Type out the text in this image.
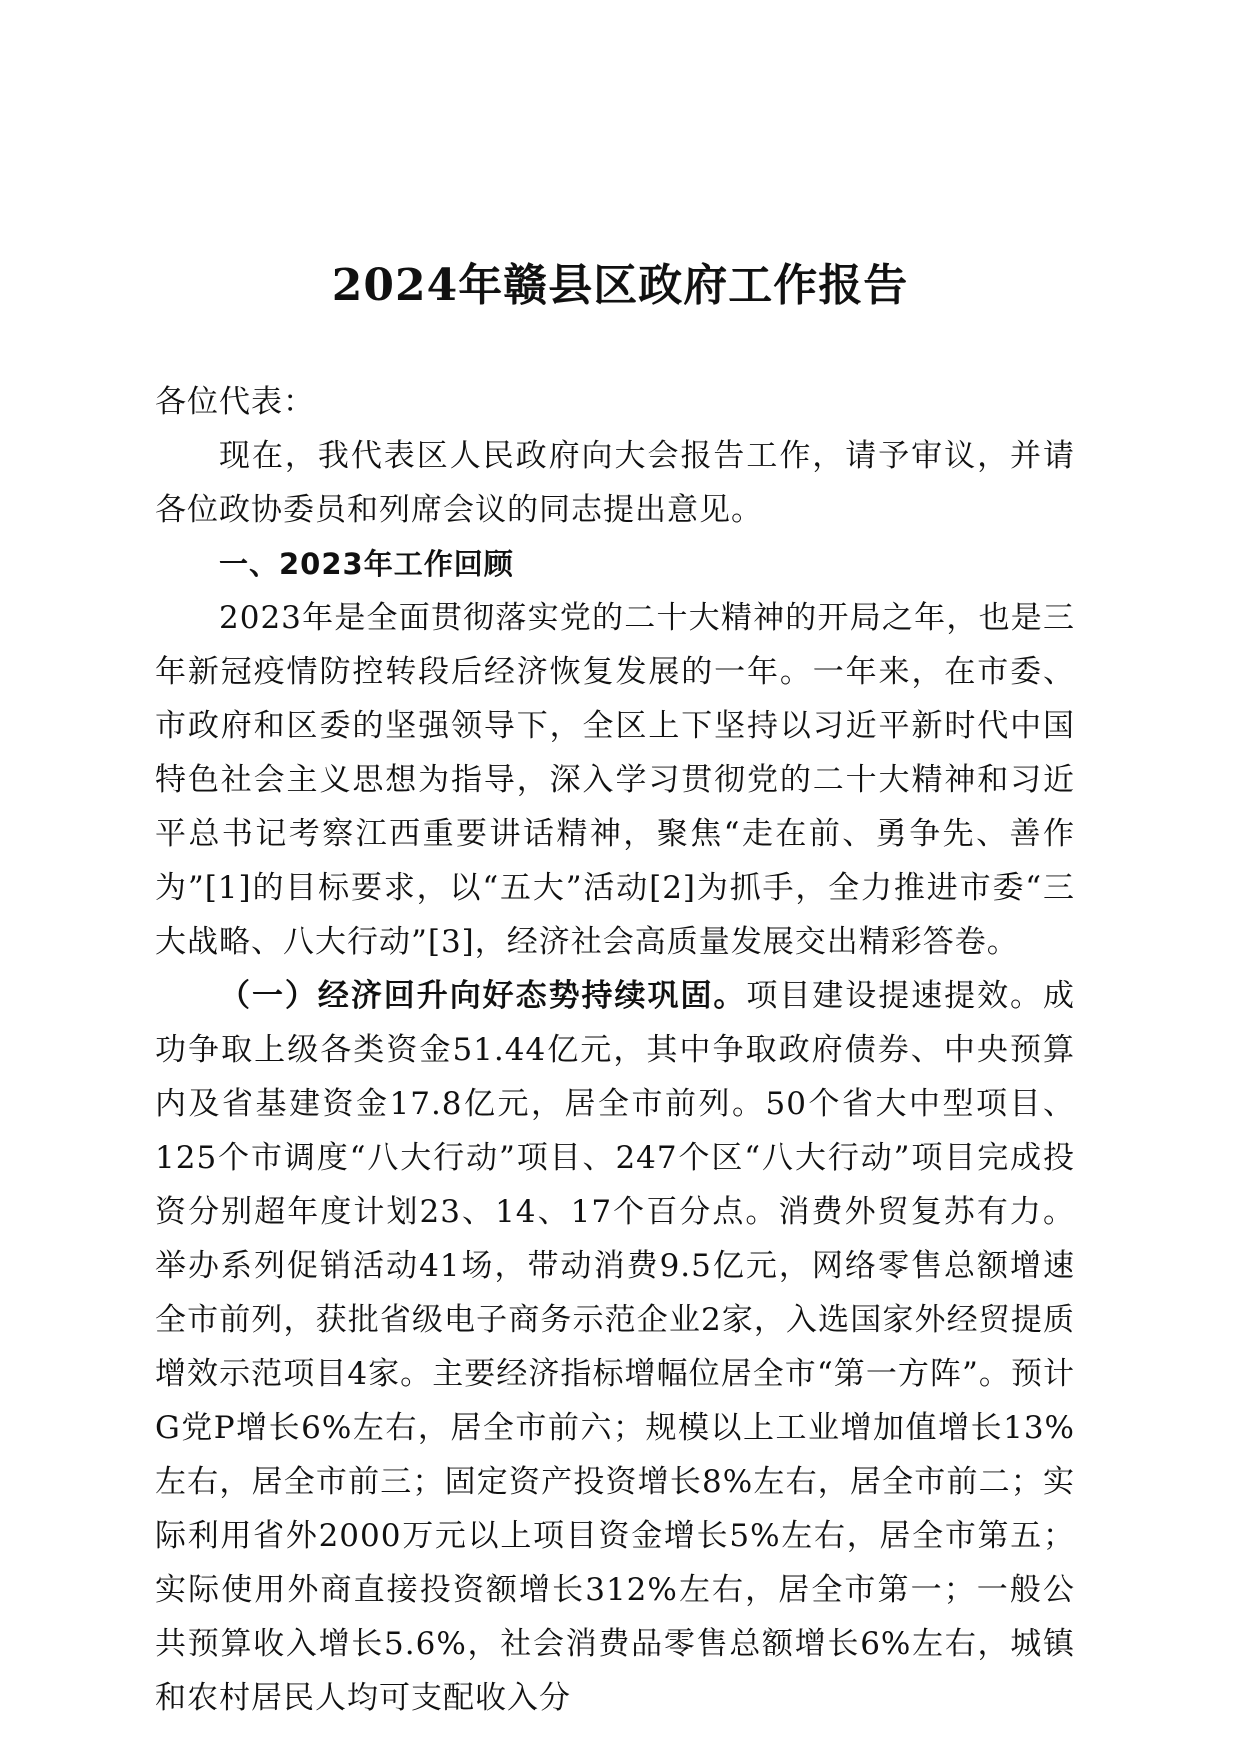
2024年赣县区政府工作报告

各位代表：

现在，我代表区人民政府向大会报告工作，请予审议，并请各位政协委员和列席会议的同志提出意见。

一、2023年工作回顾

2023年是全面贯彻落实党的二十大精神的开局之年，也是三年新冠疫情防控转段后经济恢复发展的一年。一年来，在市委、市政府和区委的坚强领导下，全区上下坚持以习近平新时代中国特色社会主义思想为指导，深入学习贯彻党的二十大精神和习近平总书记考察江西重要讲话精神，聚焦“走在前、勇争先、善作为”[1]的目标要求，以“五大”活动[2]为抓手，全力推进市委“三大战略、八大行动”[3]，经济社会高质量发展交出精彩答卷。

（一）经济回升向好态势持续巩固。项目建设提速提效。成功争取上级各类资金51.44亿元，其中争取政府债券、中央预算内及省基建资金17.8亿元，居全市前列。50个省大中型项目、125个市调度“八大行动”项目、247个区“八大行动”项目完成投资分别超年度计划23、14、17个百分点。消费外贸复苏有力。举办系列促销活动41场，带动消费9.5亿元，网络零售总额增速全市前列，获批省级电子商务示范企业2家，入选国家外经贸提质增效示范项目4家。主要经济指标增幅位居全市“第一方阵”。预计G党P增长6%左右，居全市前六；规模以上工业增加值增长13%左右，居全市前三；固定资产投资增长8%左右，居全市前二；实际利用省外2000万元以上项目资金增长5%左右，居全市第五；实际使用外商直接投资额增长312%左右，居全市第一；一般公共预算收入增长5.6%，社会消费品零售总额增长6%左右，城镇和农村居民人均可支配收入分
